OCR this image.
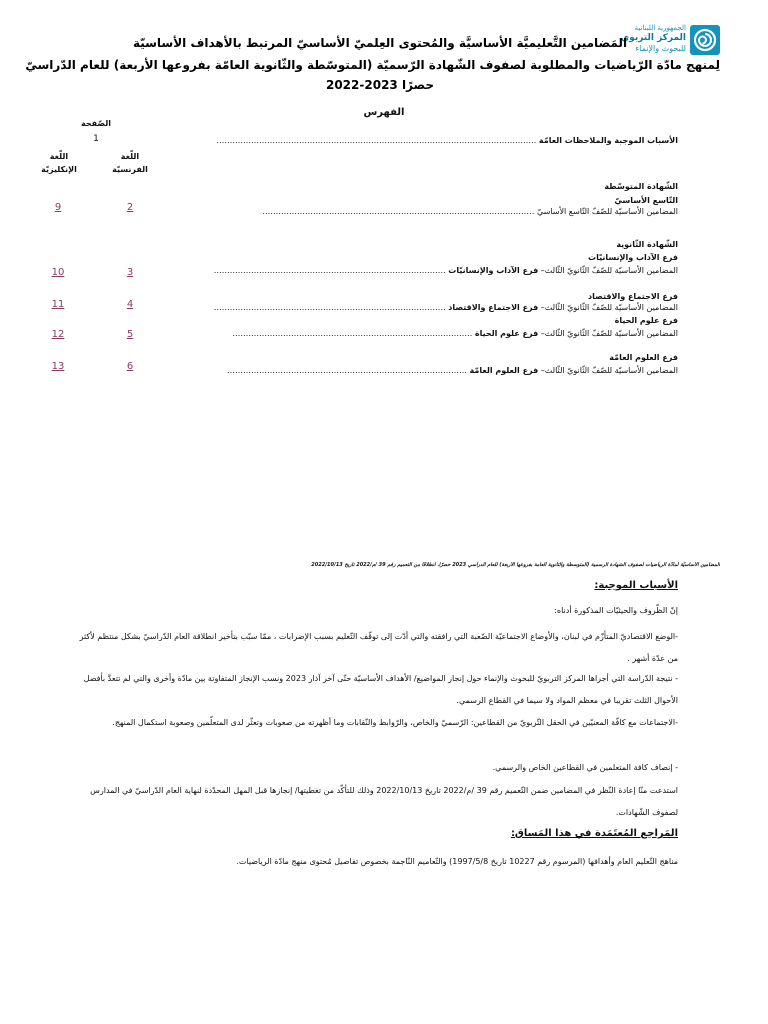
الجمهورية اللبنانية
المركز التربوي
للبحوث والإنماء
المَضامين التَّعليميَّة الأساسيَّة والمُحتوى العِلميّ الأساسيّ المرتبط بالأهداف الأساسيّة
لِمنهج مادّة الرّياضيات والمطلوبة لصفوف الشّهادة الرّسميّة (المتوسّطة والثّانوية العامّة بفروعها الأربعة) للعام الدّراسيّ
2022-2023 حصرًا
الفهرس
الصّفحة
اللّغة
الفرنسيّة
اللّغة
الإنكليزيّة
1	الأسباب الموجبة والملاحظات العامّة …………………………………………………………………………………………………………
الشّهادة المتوسّطة
التّاسع الأساسيّ
المضامين الأساسيّة للصّفّ التّاسع الأساسيّ …………………………………………………………………………………………
2
9
الشّهادة الثّانوية
فرع الآداب والإنسانيّات
المضامين الأساسيّة للصّفّ الثّانويّ الثّالث– فرع الآداب والإنسانيّات ……………………………………………………………………………
3
10
فرع الاجتماع والاقتصاد
المضامين الأساسيّة للصّفّ الثّانويّ الثّالث– فرع الاجتماع والاقتصاد ……………………………………………………………………………
4
11
فرع علوم الحياة
المضامين الأساسيّة للصّفّ الثّانويّ الثّالث– فرع علوم الحياة ………………………………………………………………………………
5
12
فرع العلوم العامّة
المضامين الأساسيّة للصّفّ الثّانويّ الثّالث– فرع العلوم العامّة ………………………………………………………………………………
6
13
المضامين الأساسيّة لمادّة الرياضيات لصفوف الشهادة الرسمية (المتوسطة والثانوية العامة بفروعها الأربعة) للعام الدراسي 2023 حصرًا، انطلاقًا من التعميم رقم 39 /م/2022 تاريخ 2022/10/13
الأسباب الموجبة:
إنّ الظّروف والحيثيّات المذكورة أدناه:
-الوضع الاقتصاديّ المتأزّم في لبنان، والأوضاع الاجتماعيّة الصّعبة التي رافقته والتي أدّت إلى توقّف التّعليم بسبب الإضرابات ، ممّا سبّب بتأخير انطلاقة العام الدّراسيّ بشكل منتظم لأكثر من عدّة أشهر .
- نتيجة الدّراسة التي أجراها المركز التربويّ للبحوث والإنماء حول إنجاز المواضيع/ الأهداف الأساسيّة حتّى آخر آذار 2023 ونسب الإنجاز المتفاوتة بين مادّة وأخرى والتي لم تتعدَّ بأفضل الأحوال الثلث تقريبا في معظم المواد ولا سيما في القطاع الرسمي.
-الاجتماعات مع كافّة المعنيّين في الحقل التّربويّ من القطاعين: الرّسميّ والخاص، والرّوابط والنّقابات وما أظهرته من صعوبات وتعثّر لدى المتعلّمين وصعوبة استكمال المنهج.
- إنصاف كافة المتعلمين في القطاعين الخاص والرسمي.
استدعت منّا إعادة النّظر في المضامين ضمن التّعميم رقم 39 /م/2022 تاريخ 2022/10/13 وذلك للتأكّد من تغطيتها/ إنجازها قبل المهل المحدّدة لنهاية العام الدّراسيّ في المدارس لصفوف الشّهادات.
المَراجع المُعتَمَدة في هذا المَساق:
مناهج التّعليم العام وأهدافها (المرسوم رقم 10227 تاريخ 1997/5/8) والتّعاميم النّاجمة بخصوص تفاصيل مُحتوى منهج مادّة الرياضيات.
